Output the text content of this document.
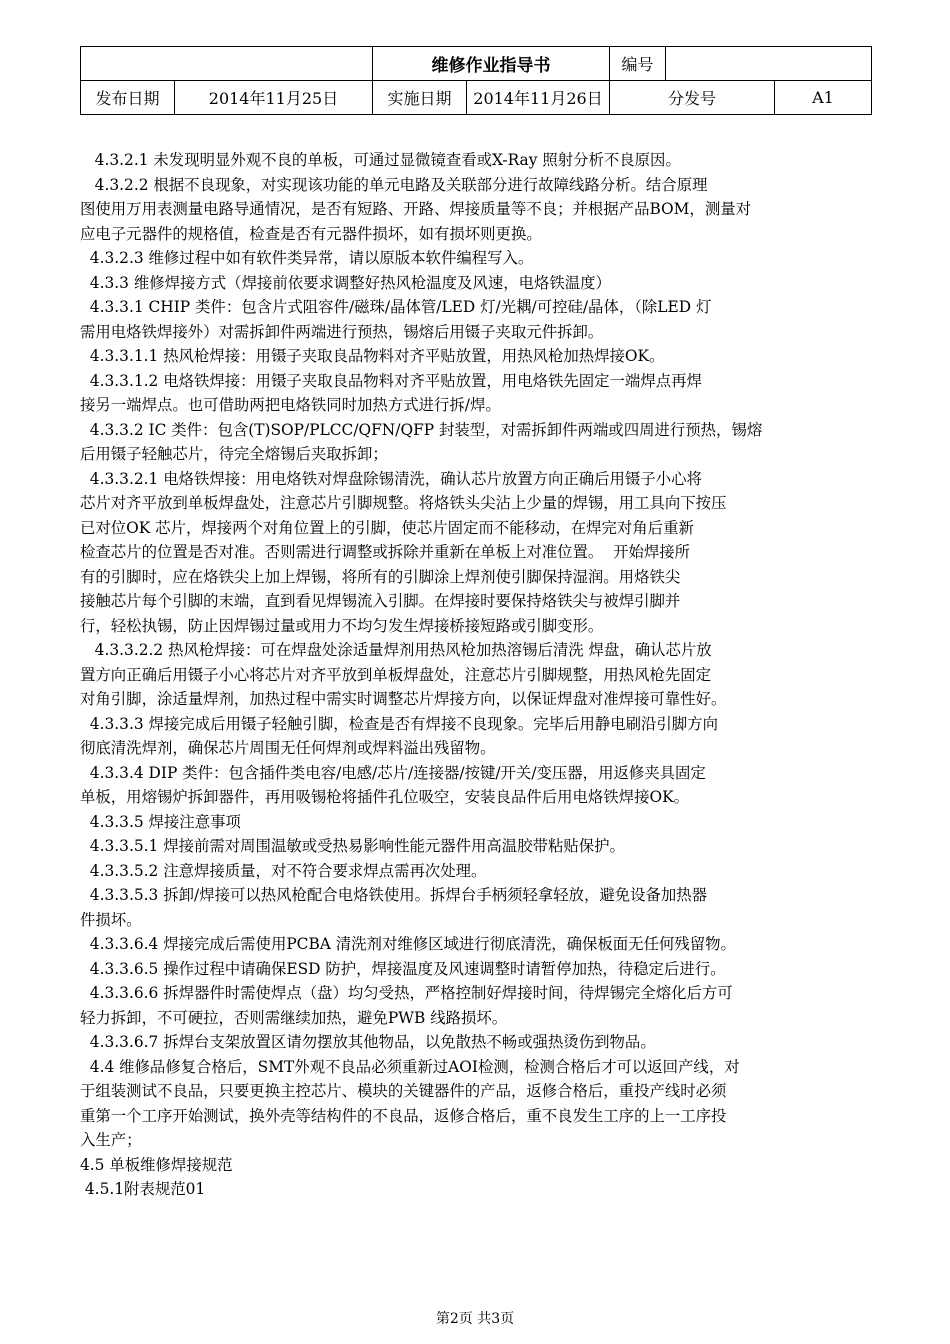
		维修作业指导书		编号		
发布日期	2014年11月25日	实施日期	2014年11月26日	分发号		A1
4.3.2.1 未发现明显外观不良的单板，可通过显微镜查看或X-Ray 照射分析不良原因。
4.3.2.2 根据不良现象，对实现该功能的单元电路及关联部分进行故障线路分析。结合原理
图使用万用表测量电路导通情况，是否有短路、开路、焊接质量等不良；并根据产品BOM，测量对
应电子元器件的规格值，检查是否有元器件损坏，如有损坏则更换。
4.3.2.3 维修过程中如有软件类异常，请以原版本软件编程写入。
4.3.3 维修焊接方式（焊接前依要求调整好热风枪温度及风速，电烙铁温度）
4.3.3.1 CHIP 类件：包含片式阻容件/磁珠/晶体管/LED 灯/光耦/可控硅/晶体，（除LED 灯
需用电烙铁焊接外）对需拆卸件两端进行预热，锡熔后用镊子夹取元件拆卸。
4.3.3.1.1 热风枪焊接：用镊子夹取良品物料对齐平贴放置，用热风枪加热焊接OK。
4.3.3.1.2 电烙铁焊接：用镊子夹取良品物料对齐平贴放置，用电烙铁先固定一端焊点再焊
接另一端焊点。也可借助两把电烙铁同时加热方式进行拆/焊。
4.3.3.2 IC 类件：包含(T)SOP/PLCC/QFN/QFP 封装型，对需拆卸件两端或四周进行预热，锡熔
后用镊子轻触芯片，待完全熔锡后夹取拆卸；
4.3.3.2.1 电烙铁焊接：用电烙铁对焊盘除锡清洗，确认芯片放置方向正确后用镊子小心将
芯片对齐平放到单板焊盘处，注意芯片引脚规整。将烙铁头尖沾上少量的焊锡，用工具向下按压
已对位OK 芯片，焊接两个对角位置上的引脚，使芯片固定而不能移动，在焊完对角后重新
检查芯片的位置是否对准。否则需进行调整或拆除并重新在单板上对准位置。  开始焊接所
有的引脚时，应在烙铁尖上加上焊锡，将所有的引脚涂上焊剂使引脚保持湿润。用烙铁尖
接触芯片每个引脚的末端，直到看见焊锡流入引脚。在焊接时要保持烙铁尖与被焊引脚并
行，轻松执锡，防止因焊锡过量或用力不均匀发生焊接桥接短路或引脚变形。
4.3.3.2.2 热风枪焊接：可在焊盘处涂适量焊剂用热风枪加热溶锡后清洗 焊盘，确认芯片放
置方向正确后用镊子小心将芯片对齐平放到单板焊盘处，注意芯片引脚规整，用热风枪先固定
对角引脚，涂适量焊剂，加热过程中需实时调整芯片焊接方向，以保证焊盘对准焊接可靠性好。
4.3.3.3 焊接完成后用镊子轻触引脚，检查是否有焊接不良现象。完毕后用静电刷沿引脚方向
彻底清洗焊剂，确保芯片周围无任何焊剂或焊料溢出残留物。
4.3.3.4 DIP 类件：包含插件类电容/电感/芯片/连接器/按键/开关/变压器，用返修夹具固定
单板，用熔锡炉拆卸器件，再用吸锡枪将插件孔位吸空，安装良品件后用电烙铁焊接OK。
4.3.3.5 焊接注意事项
4.3.3.5.1 焊接前需对周围温敏或受热易影响性能元器件用高温胶带粘贴保护。
4.3.3.5.2 注意焊接质量，对不符合要求焊点需再次处理。
4.3.3.5.3 拆卸/焊接可以热风枪配合电烙铁使用。拆焊台手柄须轻拿轻放，避免设备加热器
件损坏。
4.3.3.6.4 焊接完成后需使用PCBA 清洗剂对维修区域进行彻底清洗，确保板面无任何残留物。
4.3.3.6.5 操作过程中请确保ESD 防护，焊接温度及风速调整时请暂停加热，待稳定后进行。
4.3.3.6.6 拆焊器件时需使焊点（盘）均匀受热，严格控制好焊接时间，待焊锡完全熔化后方可
轻力拆卸，不可硬拉，否则需继续加热，避免PWB 线路损坏。
4.3.3.6.7 拆焊台支架放置区请勿摆放其他物品，以免散热不畅或强热烫伤到物品。
4.4 维修品修复合格后，SMT外观不良品必须重新过AOI检测，检测合格后才可以返回产线，对
于组装测试不良品，只要更换主控芯片、模块的关键器件的产品，返修合格后，重投产线时必须
重第一个工序开始测试，换外壳等结构件的不良品，返修合格后，重不良发生工序的上一工序投
入生产；
4.5 单板维修焊接规范
4.5.1附表规范01
第2页 共3页
